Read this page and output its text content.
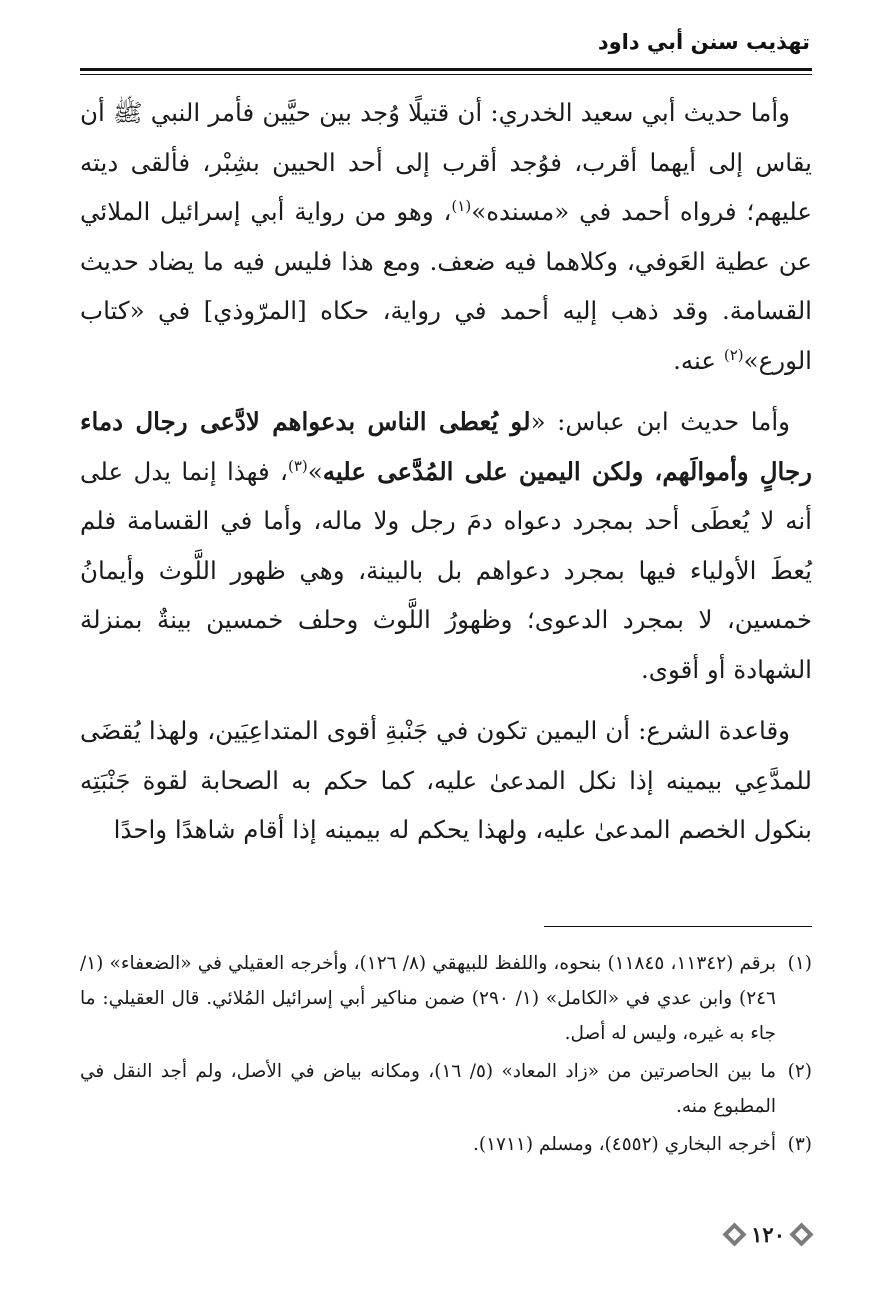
تهذيب سنن أبي داود

وأما حديث أبي سعيد الخدري: أن قتيلًا وُجد بين حيَّين فأمر النبي ﷺ أن يقاس إلى أيهما أقرب، فوُجد أقرب إلى أحد الحيين بشِبْر، فألقى ديته عليهم؛ فرواه أحمد في «مسنده»$^{(١)}$، وهو من رواية أبي إسرائيل الملائي عن عطية العَوفي، وكلاهما فيه ضعف. ومع هذا فليس فيه ما يضاد حديث القسامة. وقد ذهب إليه أحمد في رواية، حكاه [المرّوذي] في «كتاب الورع»$^{(٢)}$ عنه.

وأما حديث ابن عباس: «لو يُعطى الناس بدعواهم لادَّعى رجال دماء رجالٍ وأموالَهم، ولكن اليمين على المُدَّعى عليه»$^{(٣)}$، فهذا إنما يدل على أنه لا يُعطَى أحد بمجرد دعواه دمَ رجل ولا ماله، وأما في القسامة فلم يُعطَ الأولياء فيها بمجرد دعواهم بل بالبينة، وهي ظهور اللَّوث وأيمانُ خمسين، لا بمجرد الدعوى؛ وظهورُ اللَّوث وحلف خمسين بينةٌ بمنزلة الشهادة أو أقوى.

وقاعدة الشرع: أن اليمين تكون في جَنْبةِ أقوى المتداعِيَين، ولهذا يُقضَى للمدَّعِي بيمينه إذا نكل المدعىٰ عليه، كما حكم به الصحابة لقوة جَنْبَتِه بنكول الخصم المدعىٰ عليه، ولهذا يحكم له بيمينه إذا أقام شاهدًا واحدًا

(١)
برقم (١١٣٤٢، ١١٨٤٥) بنحوه، واللفظ للبيهقي (٨/ ١٢٦)، وأخرجه العقيلي في «الضعفاء» (١/ ٢٤٦) وابن عدي في «الكامل» (١/ ٢٩٠) ضمن مناكير أبي إسرائيل المُلائي. قال العقيلي: ما جاء به غيره، وليس له أصل.
(٢)
ما بين الحاصرتين من «زاد المعاد» (٥/ ١٦)، ومكانه بياض في الأصل، ولم أجد النقل في المطبوع منه.
(٣)
أخرجه البخاري (٤٥٥٢)، ومسلم (١٧١١).
١٢٠
